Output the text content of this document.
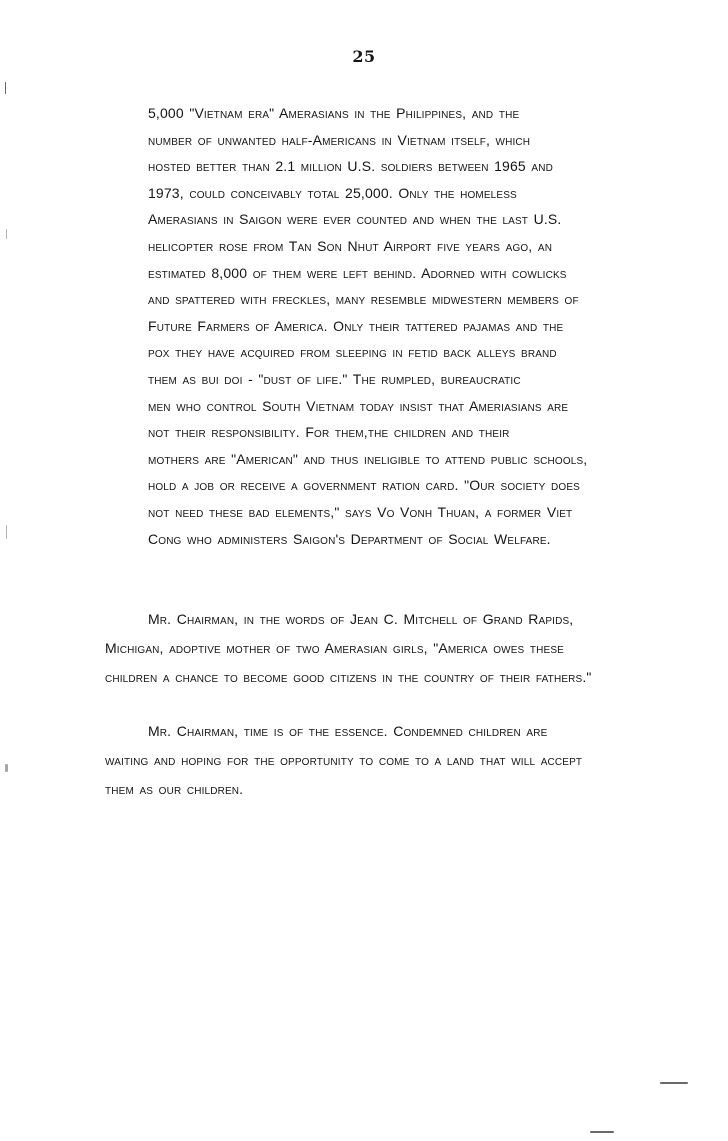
25
5,000 "Vietnam era" Amerasians in the Philippines, and the
number of unwanted half-Americans in Vietnam itself, which
hosted better than 2.1 million U.S. soldiers between 1965 and
1973, could conceivably total 25,000. Only the homeless
Amerasians in Saigon were ever counted and when the last U.S.
helicopter rose from Tan Son Nhut Airport five years ago, an
estimated 8,000 of them were left behind. Adorned with cowlicks
and spattered with freckles, many resemble midwestern members of
Future Farmers of America. Only their tattered pajamas and the
pox they have acquired from sleeping in fetid back alleys brand
them as bui doi - "dust of life." The rumpled, bureaucratic
men who control South Vietnam today insist that Ameriasians are
not their responsibility. For them,the children and their
mothers are "American" and thus ineligible to attend public schools,
hold a job or receive a government ration card. "Our society does
not need these bad elements," says Vo Vonh Thuan, a former Viet
Cong who administers Saigon's Department of Social Welfare.
Mr. Chairman, in the words of Jean C. Mitchell of Grand Rapids,
Michigan, adoptive mother of two Amerasian girls, "America owes these
children a chance to become good citizens in the country of their fathers."
Mr. Chairman, time is of the essence. Condemned children are
waiting and hoping for the opportunity to come to a land that will accept
them as our children.
